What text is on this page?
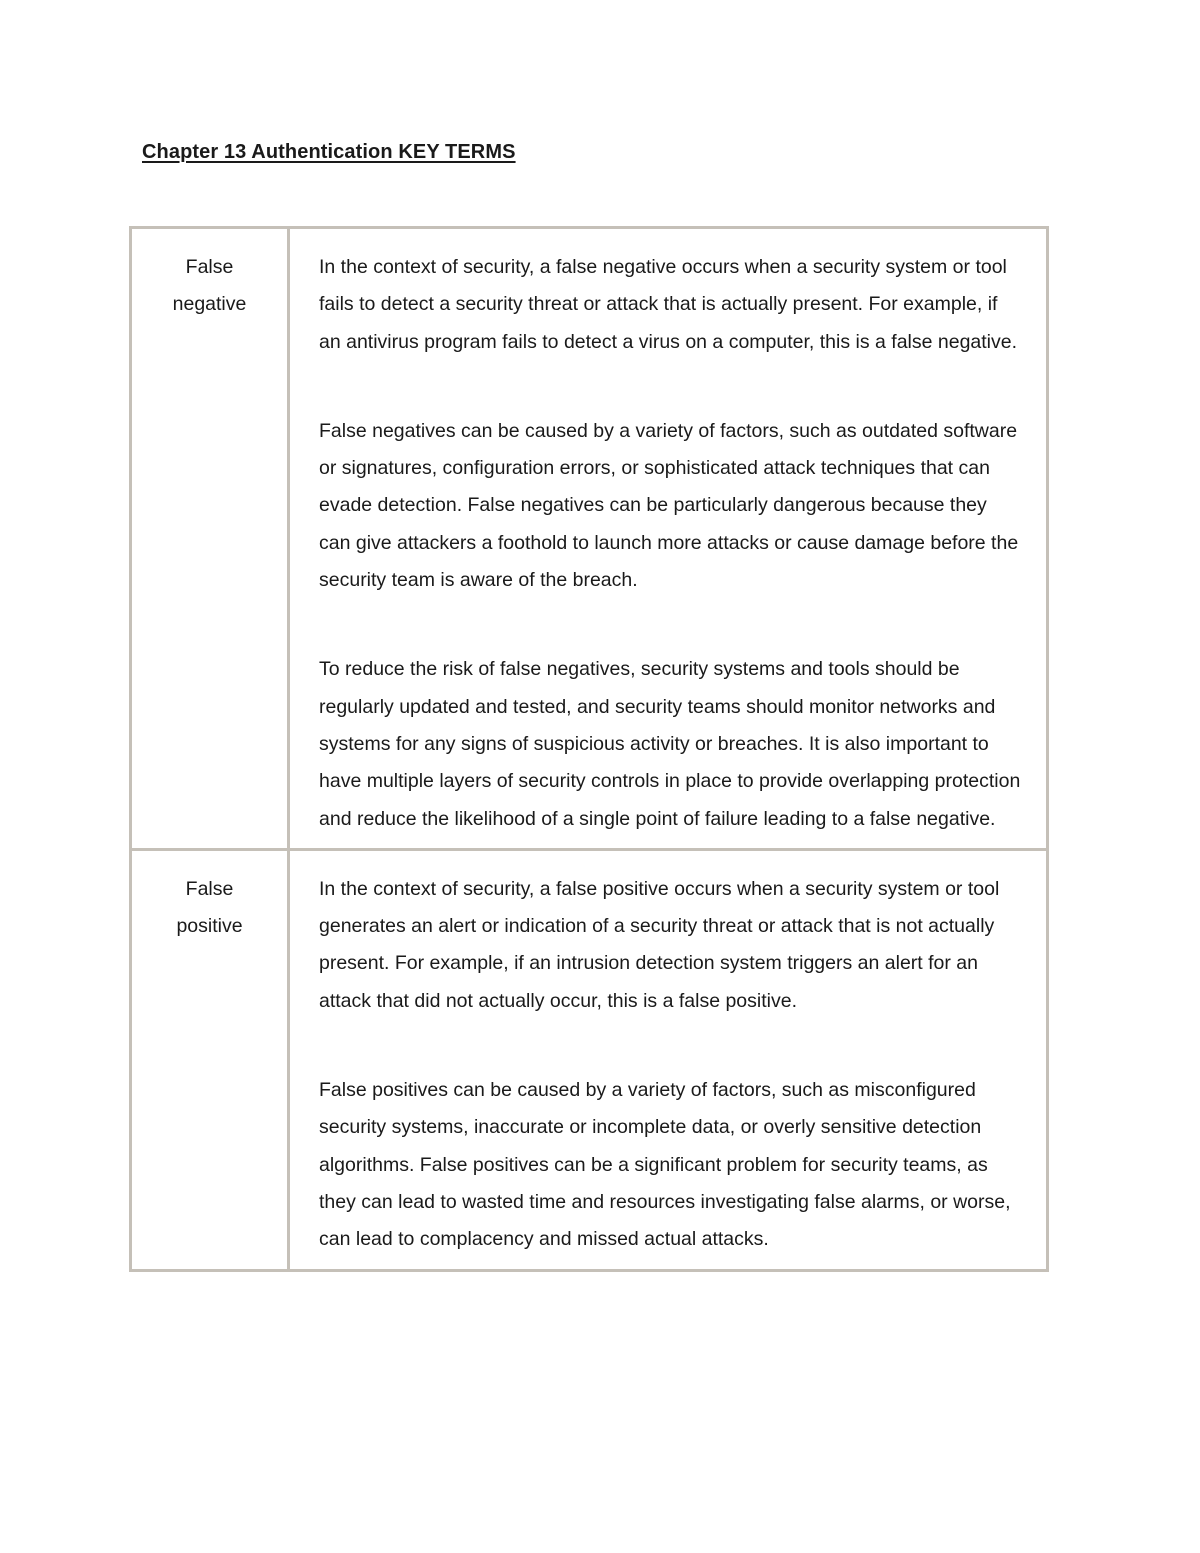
Chapter 13 Authentication KEY TERMS
False negative	In the context of security, a false negative occurs when a security system or tool fails to detect a security threat or attack that is actually present. For example, if an antivirus program fails to detect a virus on a computer, this is a false negative.

False negatives can be caused by a variety of factors, such as outdated software or signatures, configuration errors, or sophisticated attack techniques that can evade detection. False negatives can be particularly dangerous because they can give attackers a foothold to launch more attacks or cause damage before the security team is aware of the breach.

To reduce the risk of false negatives, security systems and tools should be regularly updated and tested, and security teams should monitor networks and systems for any signs of suspicious activity or breaches. It is also important to have multiple layers of security controls in place to provide overlapping protection and reduce the likelihood of a single point of failure leading to a false negative.

False positive	In the context of security, a false positive occurs when a security system or tool generates an alert or indication of a security threat or attack that is not actually present. For example, if an intrusion detection system triggers an alert for an attack that did not actually occur, this is a false positive.

False positives can be caused by a variety of factors, such as misconfigured security systems, inaccurate or incomplete data, or overly sensitive detection algorithms. False positives can be a significant problem for security teams, as they can lead to wasted time and resources investigating false alarms, or worse, can lead to complacency and missed actual attacks.
